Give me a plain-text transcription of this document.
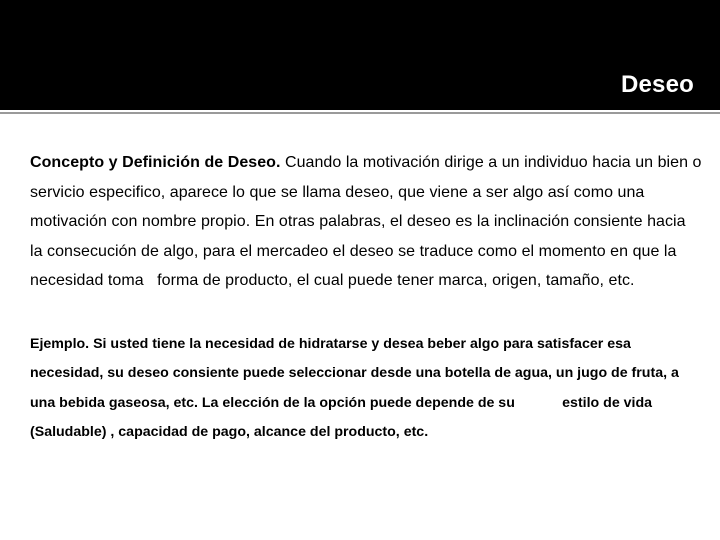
Deseo

Concepto y Definición de Deseo. Cuando la motivación dirige a un individuo hacia un bien o servicio especifico, aparece lo que se llama deseo, que viene a ser algo así como una motivación con nombre propio. En otras palabras, el deseo es la inclinación consiente hacia  la consecución de algo, para el mercadeo el deseo se traduce como el momento en que la necesidad toma   forma de producto, el cual puede tener marca, origen, tamaño, etc.

Ejemplo. Si usted tiene la necesidad de hidratarse y desea beber algo para satisfacer esa necesidad, su deseo consiente puede seleccionar desde una botella de agua, un jugo de fruta, a una bebida gaseosa, etc. La elección de la opción puede depende de su            estilo de vida (Saludable) , capacidad de pago, alcance del producto, etc.
